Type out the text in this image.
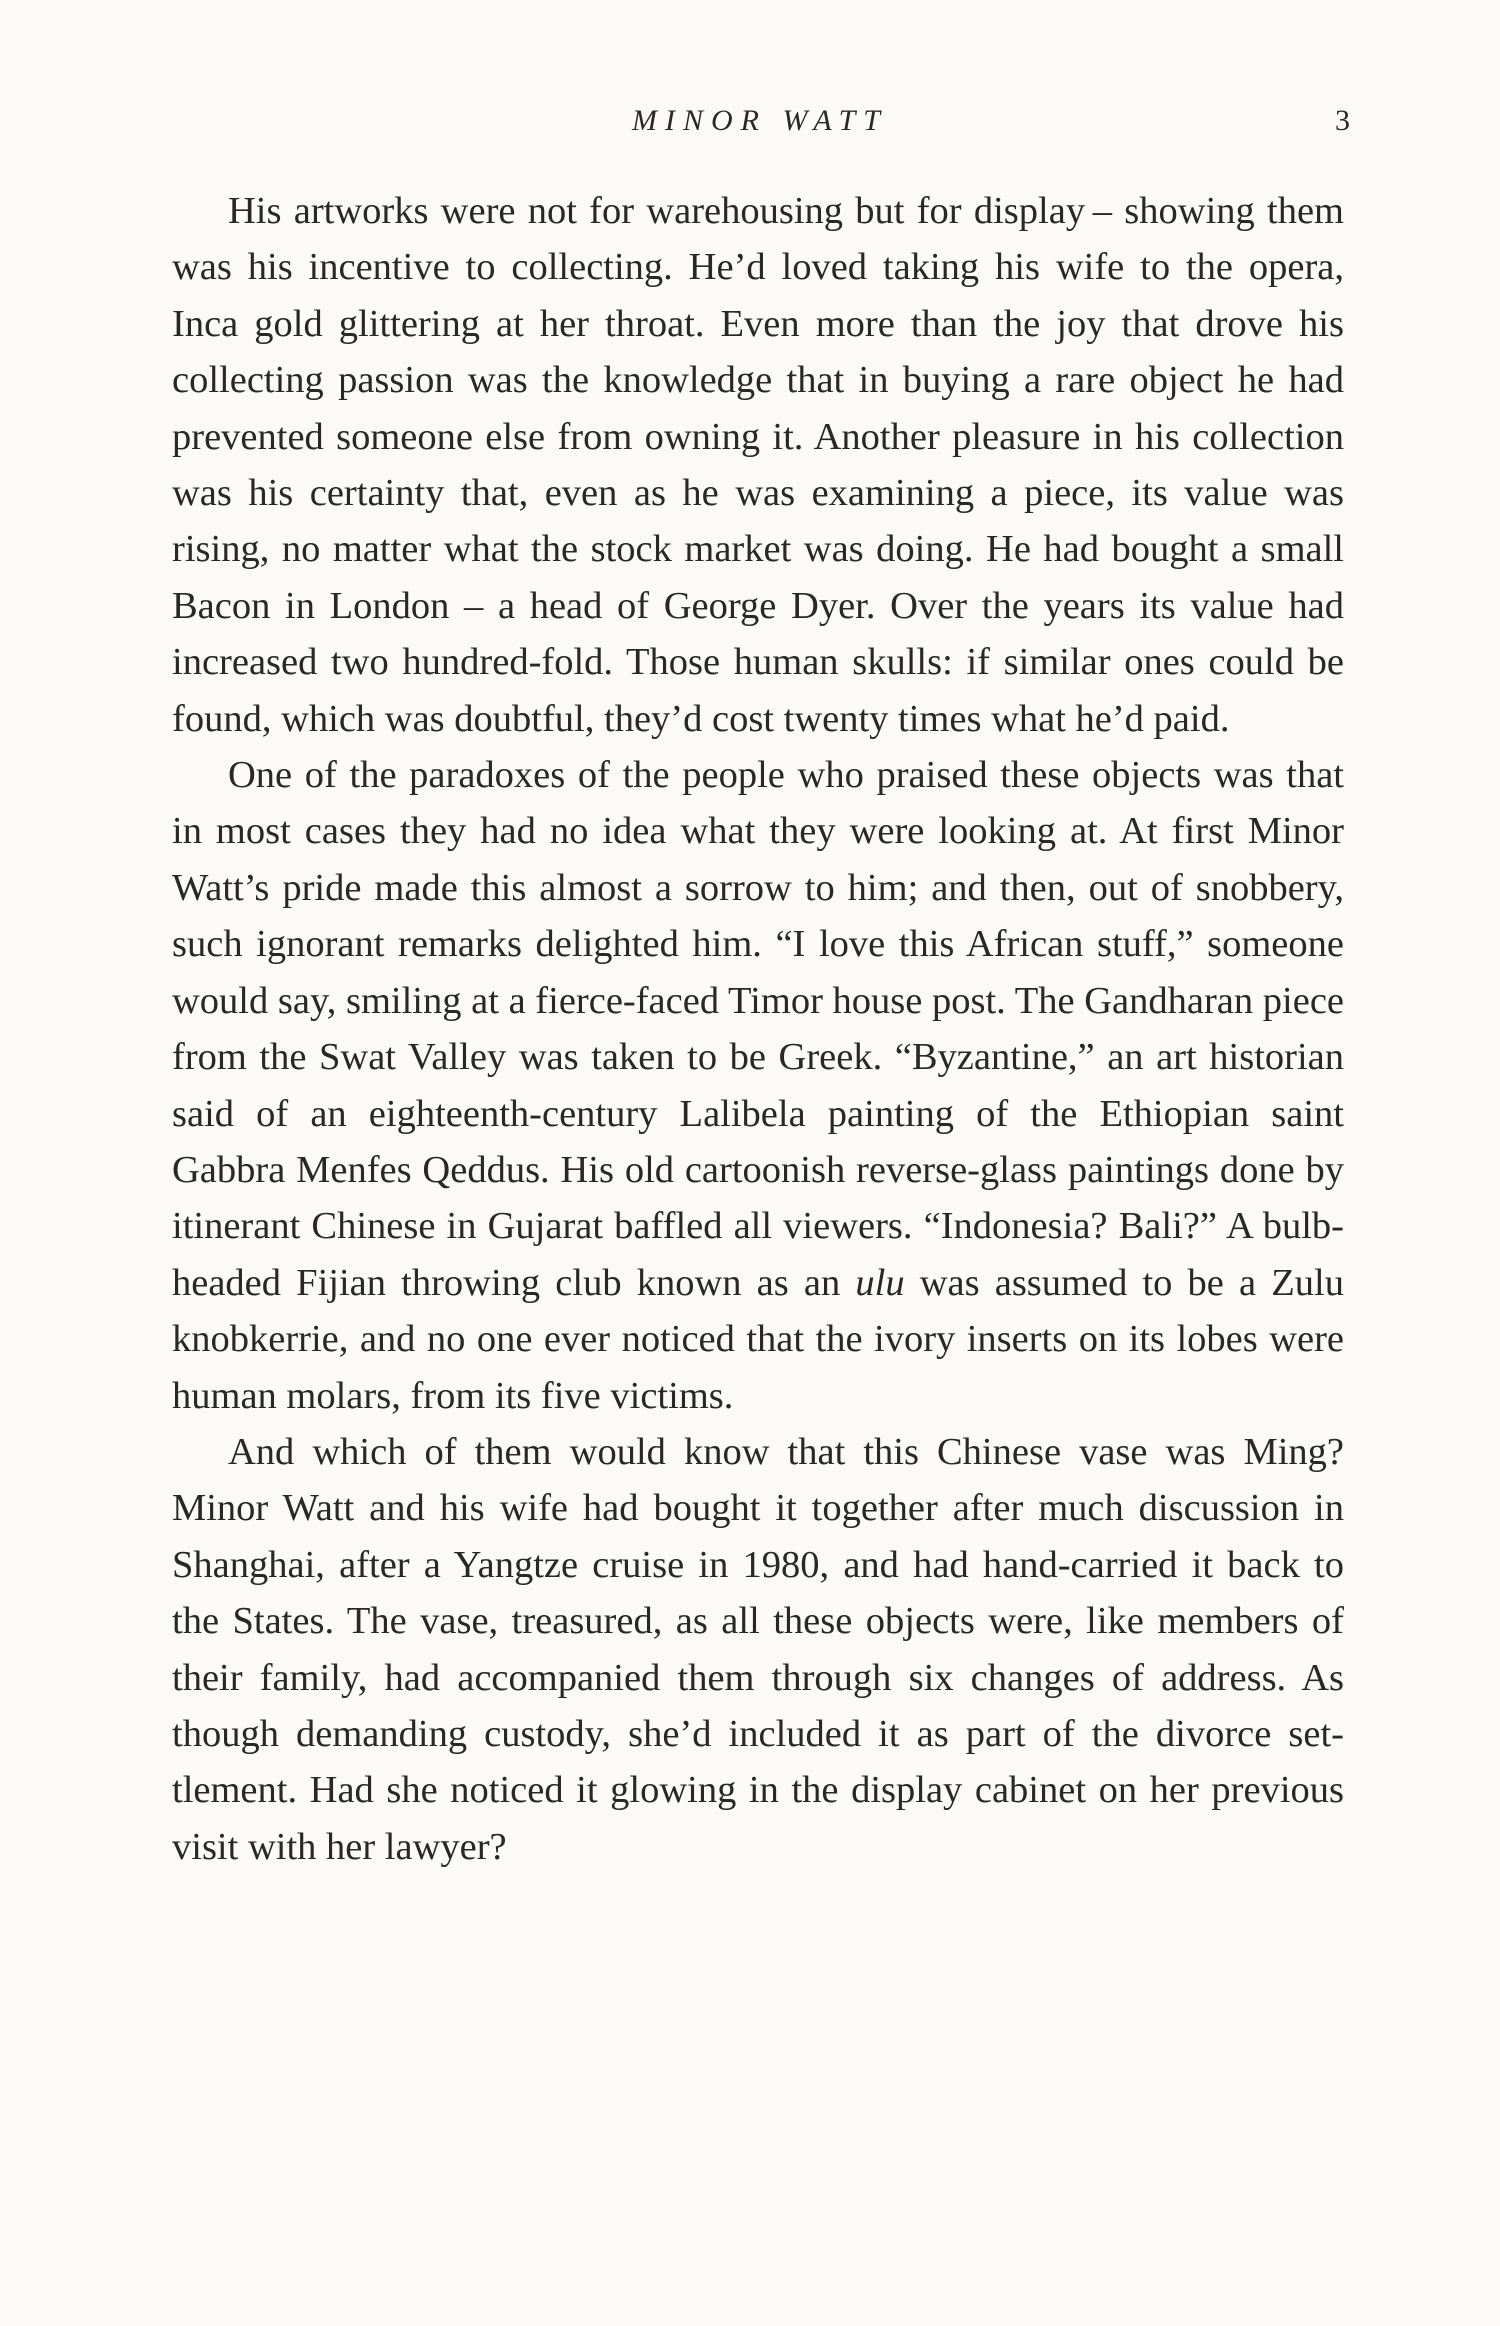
MINOR WATT	3

His artworks were not for warehousing but for display – showing them was his incentive to collecting. He’d loved taking his wife to the opera, Inca gold glittering at her throat. Even more than the joy that drove his collecting passion was the knowledge that in buying a rare object he had prevented someone else from owning it. Another pleasure in his collection was his certainty that, even as he was examining a piece, its value was rising, no matter what the stock market was doing. He had bought a small Bacon in London – a head of George Dyer. Over the years its value had increased two hundred-fold. Those human skulls: if similar ones could be found, which was doubtful, they’d cost twenty times what he’d paid.

One of the paradoxes of the people who praised these objects was that in most cases they had no idea what they were looking at. At first Minor Watt’s pride made this almost a sorrow to him; and then, out of snobbery, such ignorant remarks delighted him. “I love this African stuff,” someone would say, smiling at a fierce-faced Timor house post. The Gandharan piece from the Swat Valley was taken to be Greek. “Byzantine,” an art historian said of an eighteenth-century Lalibela painting of the Ethiopian saint Gabbra Menfes Qeddus. His old cartoonish reverse-glass paintings done by itinerant Chinese in Gujarat baffled all viewers. “Indonesia? Bali?” A bulb-headed Fijian throwing club known as an ulu was assumed to be a Zulu knobkerrie, and no one ever noticed that the ivory inserts on its lobes were human molars, from its five victims.

And which of them would know that this Chinese vase was Ming? Minor Watt and his wife had bought it together after much discussion in Shanghai, after a Yangtze cruise in 1980, and had hand-carried it back to the States. The vase, treasured, as all these objects were, like members of their family, had accompanied them through six changes of address. As though demanding custody, she’d included it as part of the divorce settlement. Had she noticed it glowing in the display cabinet on her previous visit with her lawyer?
